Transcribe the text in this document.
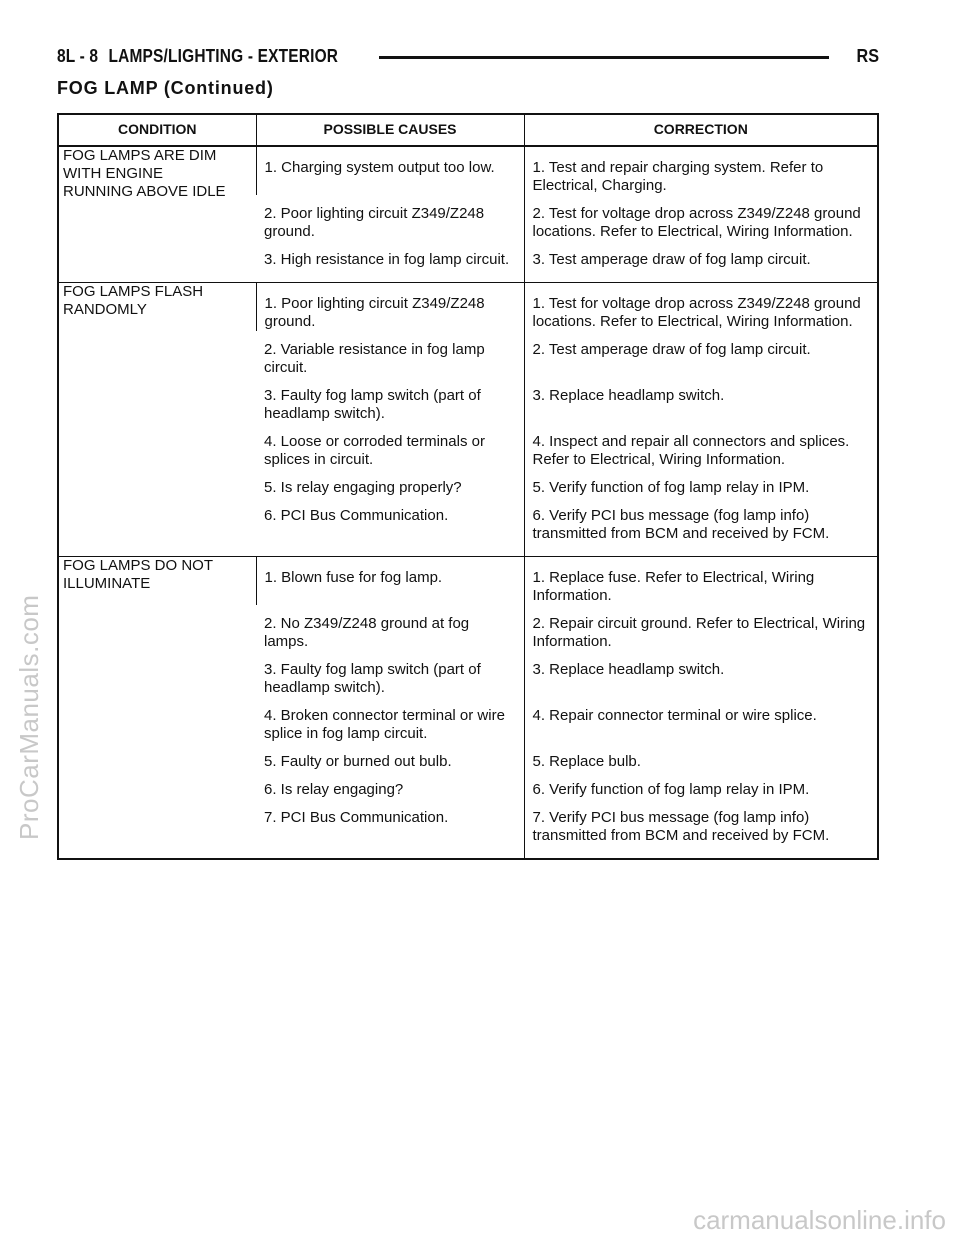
8L - 8 LAMPS/LIGHTING - EXTERIOR	RS
FOG LAMP (Continued)
CONDITION	POSSIBLE CAUSES	CORRECTION

FOG LAMPS ARE DIM
WITH ENGINE
RUNNING ABOVE IDLE	1. Charging system output too low.	1. Test and repair charging system. Refer to Electrical, Charging.
	2. Poor lighting circuit Z349/Z248 ground.	2. Test for voltage drop across Z349/Z248 ground locations. Refer to Electrical, Wiring Information.
	3. High resistance in fog lamp circuit.	3. Test amperage draw of fog lamp circuit.

FOG LAMPS FLASH
RANDOMLY	1. Poor lighting circuit Z349/Z248 ground.	1. Test for voltage drop across Z349/Z248 ground locations. Refer to Electrical, Wiring Information.
	2. Variable resistance in fog lamp circuit.	2. Test amperage draw of fog lamp circuit.
	3. Faulty fog lamp switch (part of headlamp switch).	3. Replace headlamp switch.
	4. Loose or corroded terminals or splices in circuit.	4. Inspect and repair all connectors and splices. Refer to Electrical, Wiring Information.
	5. Is relay engaging properly?	5. Verify function of fog lamp relay in IPM.
	6. PCI Bus Communication.	6. Verify PCI bus message (fog lamp info) transmitted from BCM and received by FCM.

FOG LAMPS DO NOT
ILLUMINATE	1. Blown fuse for fog lamp.	1. Replace fuse. Refer to Electrical, Wiring Information.
	2. No Z349/Z248 ground at fog lamps.	2. Repair circuit ground. Refer to Electrical, Wiring Information.
	3. Faulty fog lamp switch (part of headlamp switch).	3. Replace headlamp switch.
	4. Broken connector terminal or wire splice in fog lamp circuit.	4. Repair connector terminal or wire splice.
	5. Faulty or burned out bulb.	5. Replace bulb.
	6. Is relay engaging?	6. Verify function of fog lamp relay in IPM.
	7. PCI Bus Communication.	7. Verify PCI bus message (fog lamp info) transmitted from BCM and received by FCM.
ProCarManuals.com
carmanualsonline.info
